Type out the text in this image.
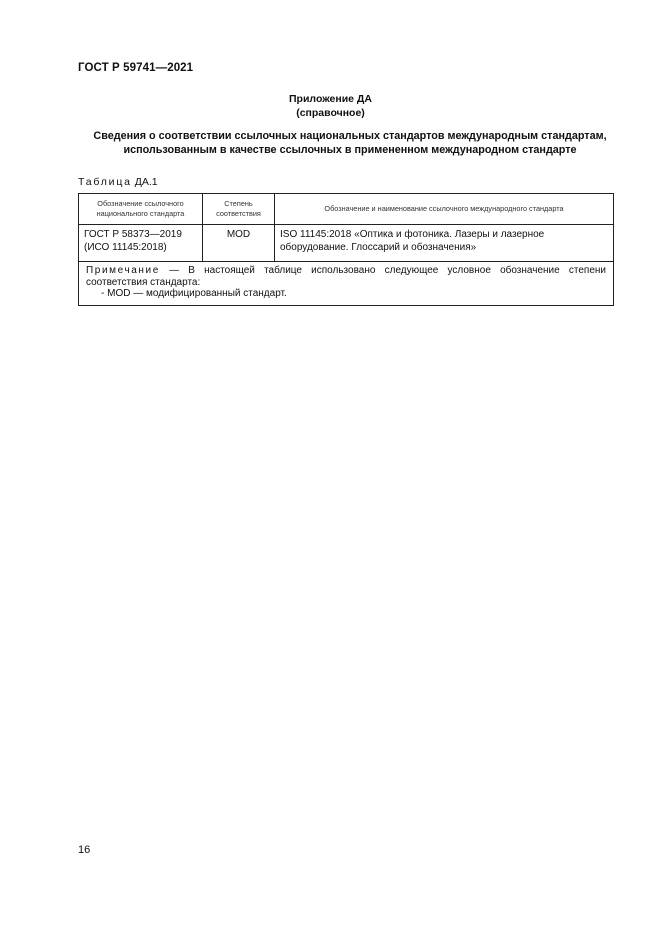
ГОСТ Р 59741—2021
Приложение ДА
(справочное)
Сведения о соответствии ссылочных национальных стандартов международным стандартам,
использованным в качестве ссылочных в примененном международном стандарте
Таблица ДА.1
Обозначение ссылочного национального стандарта	Степень соответствия	Обозначение и наименование ссылочного международного стандарта

ГОСТ Р 58373—2019
(ИСО 11145:2018)	MOD	ISO 11145:2018 «Оптика и фотоника. Лазеры и лазерное оборудование. Глоссарий и обозначения»

Примечание — В настоящей таблице использовано следующее условное обозначение степени соответствия стандарта:
- MOD — модифицированный стандарт.		
16
